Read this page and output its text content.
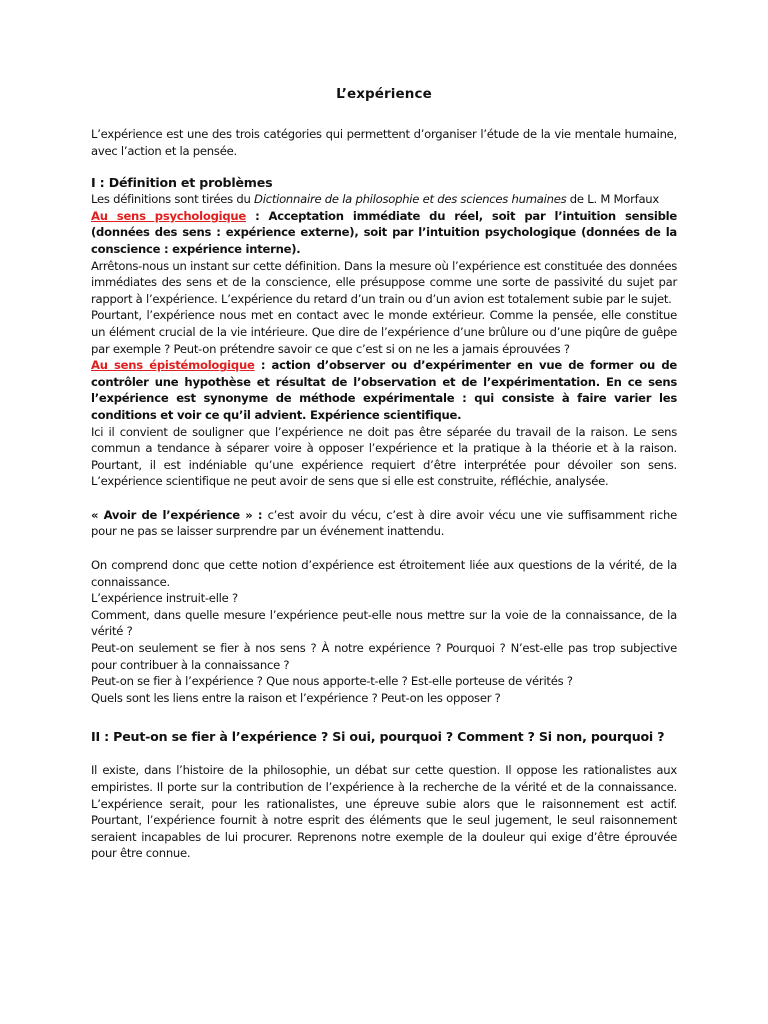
L’expérience

L’expérience est une des trois catégories qui permettent d’organiser l’étude de la vie mentale humaine, avec l’action et la pensée.

I : Définition et problèmes

Les définitions sont tirées du Dictionnaire de la philosophie et des sciences humaines de L. M Morfaux

Au sens psychologique : Acceptation immédiate du réel, soit par l’intuition sensible (données des sens : expérience externe), soit par l’intuition psychologique (données de la conscience : expérience interne).

Arrêtons-nous un instant sur cette définition. Dans la mesure où l’expérience est constituée des données immédiates des sens et de la conscience, elle présuppose comme une sorte de passivité du sujet par rapport à l’expérience. L’expérience du retard d’un train ou d’un avion est totalement subie par le sujet.

Pourtant, l’expérience nous met en contact avec le monde extérieur. Comme la pensée, elle constitue un élément crucial de la vie intérieure. Que dire de l’expérience d’une brûlure ou d’une piqûre de guêpe par exemple ? Peut-on prétendre savoir ce que c’est si on ne les a jamais éprouvées ?

Au sens épistémologique : action d’observer ou d’expérimenter en vue de former ou de contrôler une hypothèse et résultat de l’observation et de l’expérimentation. En ce sens l’expérience est synonyme de méthode expérimentale : qui consiste à faire varier les conditions et voir ce qu’il advient. Expérience scientifique.

Ici il convient de souligner que l’expérience ne doit pas être séparée du travail de la raison. Le sens commun a tendance à séparer voire à opposer l’expérience et la pratique à la théorie et à la raison. Pourtant, il est indéniable qu’une expérience requiert d’être interprétée pour dévoiler son sens. L’expérience scientifique ne peut avoir de sens que si elle est construite, réfléchie, analysée.

« Avoir de l’expérience » : c’est avoir du vécu, c’est à dire avoir vécu une vie suffisamment riche pour ne pas se laisser surprendre par un événement inattendu.

On comprend donc que cette notion d’expérience est étroitement liée aux questions de la vérité, de la connaissance.

L’expérience instruit-elle ?

Comment, dans quelle mesure l’expérience peut-elle nous mettre sur la voie de la connaissance, de la vérité ?

Peut-on seulement se fier à nos sens ? À notre expérience ? Pourquoi ? N’est-elle pas trop subjective pour contribuer à la connaissance ?

Peut-on se fier à l’expérience ? Que nous apporte-t-elle ? Est-elle porteuse de vérités ?

Quels sont les liens entre la raison et l’expérience ? Peut-on les opposer ?

II : Peut-on se fier à l’expérience ? Si oui, pourquoi ? Comment ? Si non, pourquoi ?

Il existe, dans l’histoire de la philosophie, un débat sur cette question. Il oppose les rationalistes aux empiristes. Il porte sur la contribution de l’expérience à la recherche de la vérité et de la connaissance. L’expérience serait, pour les rationalistes, une épreuve subie alors que le raisonnement est actif. Pourtant, l’expérience fournit à notre esprit des éléments que le seul jugement, le seul raisonnement seraient incapables de lui procurer. Reprenons notre exemple de la douleur qui exige d’être éprouvée pour être connue.
